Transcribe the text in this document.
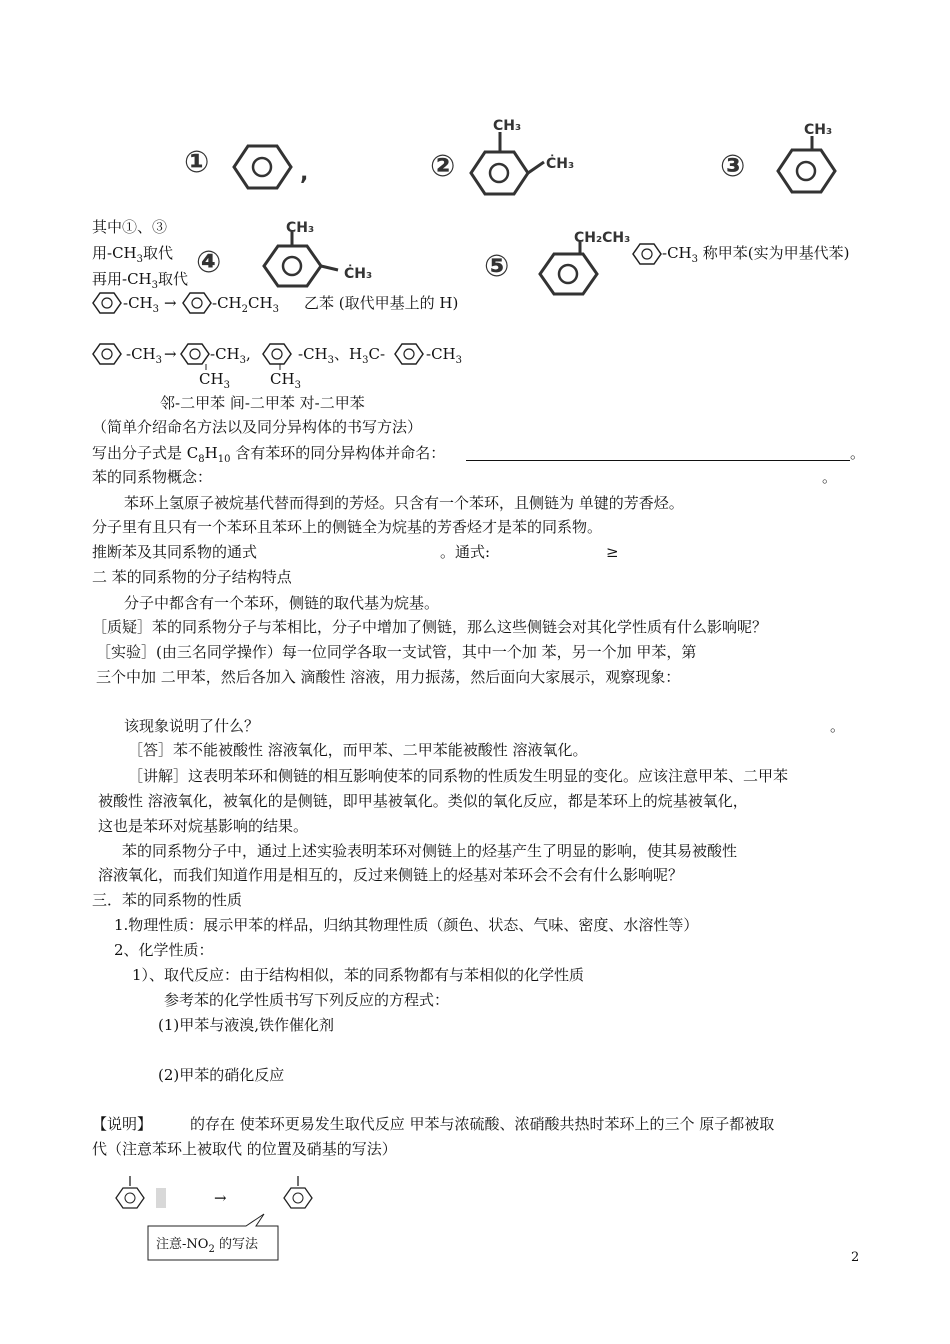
①	,	②
CH₃
ĊH₃	③
CH₃
④
CH₃
ĊH₃	⑤
CH₂CH₃
其中①、③
用$-CH_3$取代	$-CH_3$ 称甲苯(实为甲基代苯)
再用$-CH_3$取代
$-CH_3 \to -CH_2CH_3$ 乙苯 (取代甲基上的 H)
$-CH_3 \to -CH_3$,	$-CH_3$、$H_3C-$	$-CH_3$
$CH_3$	$CH_3$
邻-二甲苯 间-二甲苯 对-二甲苯
（简单介绍命名方法以及同分异构体的书写方法）
写出分子式是 $C_8H_{10}$ 含有苯环的同分异构体并命名：	。
苯的同系物概念：	。
苯环上氢原子被烷基代替而得到的芳烃。只含有一个苯环，且侧链为 单键的芳香烃。
分子里有且只有一个苯环且苯环上的侧链全为烷基的芳香烃才是苯的同系物。
推断苯及其同系物的通式	。通式:	≥
二 苯的同系物的分子结构特点
分子中都含有一个苯环，侧链的取代基为烷基。
［质疑］苯的同系物分子与苯相比，分子中增加了侧链，那么这些侧链会对其化学性质有什么影响呢？
［实验］(由三名同学操作）每一位同学各取一支试管，其中一个加 苯，另一个加 甲苯，第
三个中加 二甲苯，然后各加入 滴酸性 溶液，用力振荡，然后面向大家展示，观察现象：
该现象说明了什么？	。
［答］苯不能被酸性 溶液氧化，而甲苯、二甲苯能被酸性 溶液氧化。
［讲解］这表明苯环和侧链的相互影响使苯的同系物的性质发生明显的变化。应该注意甲苯、二甲苯
被酸性 溶液氧化，被氧化的是侧链，即甲基被氧化。类似的氧化反应，都是苯环上的烷基被氧化，
这也是苯环对烷基影响的结果。
苯的同系物分子中，通过上述实验表明苯环对侧链上的烃基产生了明显的影响，使其易被酸性
溶液氧化，而我们知道作用是相互的，反过来侧链上的烃基对苯环会不会有什么影响呢？
三．苯的同系物的性质
1.物理性质：展示甲苯的样品，归纳其物理性质（颜色、状态、气味、密度、水溶性等）
2、化学性质：
1）、取代反应：由于结构相似，苯的同系物都有与苯相似的化学性质
参考苯的化学性质书写下列反应的方程式：
(1)甲苯与液溴,铁作催化剂
(2)甲苯的硝化反应
【说明】	的存在 使苯环更易发生取代反应 甲苯与浓硫酸、浓硝酸共热时苯环上的三个 原子都被取
代（注意苯环上被取代 的位置及硝基的写法）
→
注意$-NO_2$ 的写法
2
